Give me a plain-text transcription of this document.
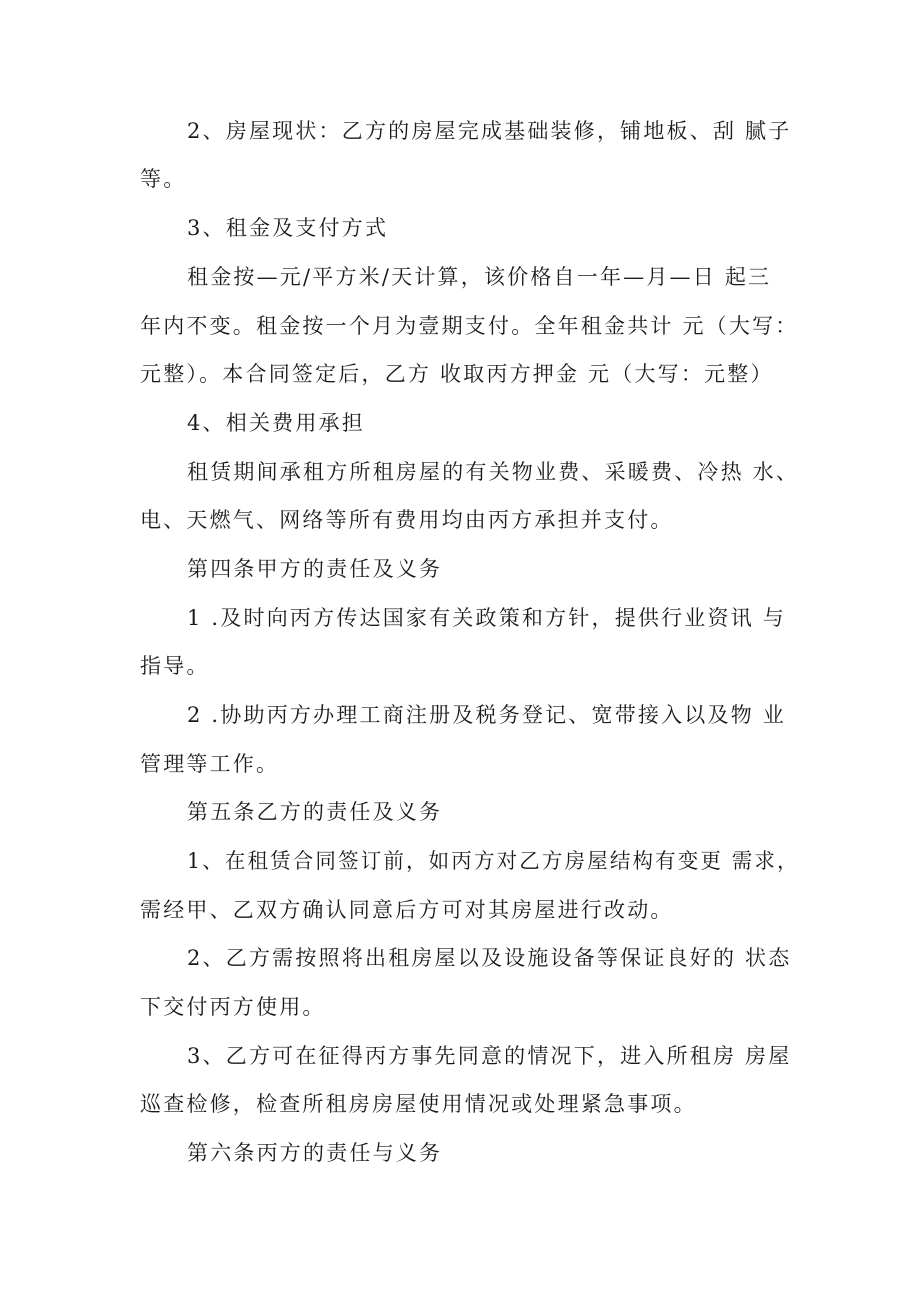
2、房屋现状：乙方的房屋完成基础装修，铺地板、刮 腻子
等。
3、租金及支付方式
租金按—元/平方米/天计算，该价格自一年—月—日 起三
年内不变。租金按一个月为壹期支付。全年租金共计 元（大写：
元整）。本合同签定后，乙方 收取丙方押金 元（大写：元整）
4、相关费用承担
租赁期间承租方所租房屋的有关物业费、采暖费、冷热 水、
电、天燃气、网络等所有费用均由丙方承担并支付。
第四条甲方的责任及义务
1 .及时向丙方传达国家有关政策和方针，提供行业资讯 与
指导。
2 .协助丙方办理工商注册及税务登记、宽带接入以及物 业
管理等工作。
第五条乙方的责任及义务
1、在租赁合同签订前，如丙方对乙方房屋结构有变更 需求，
需经甲、乙双方确认同意后方可对其房屋进行改动。
2、乙方需按照将出租房屋以及设施设备等保证良好的 状态
下交付丙方使用。
3、乙方可在征得丙方事先同意的情况下，进入所租房 房屋
巡查检修，检查所租房房屋使用情况或处理紧急事项。
第六条丙方的责任与义务
